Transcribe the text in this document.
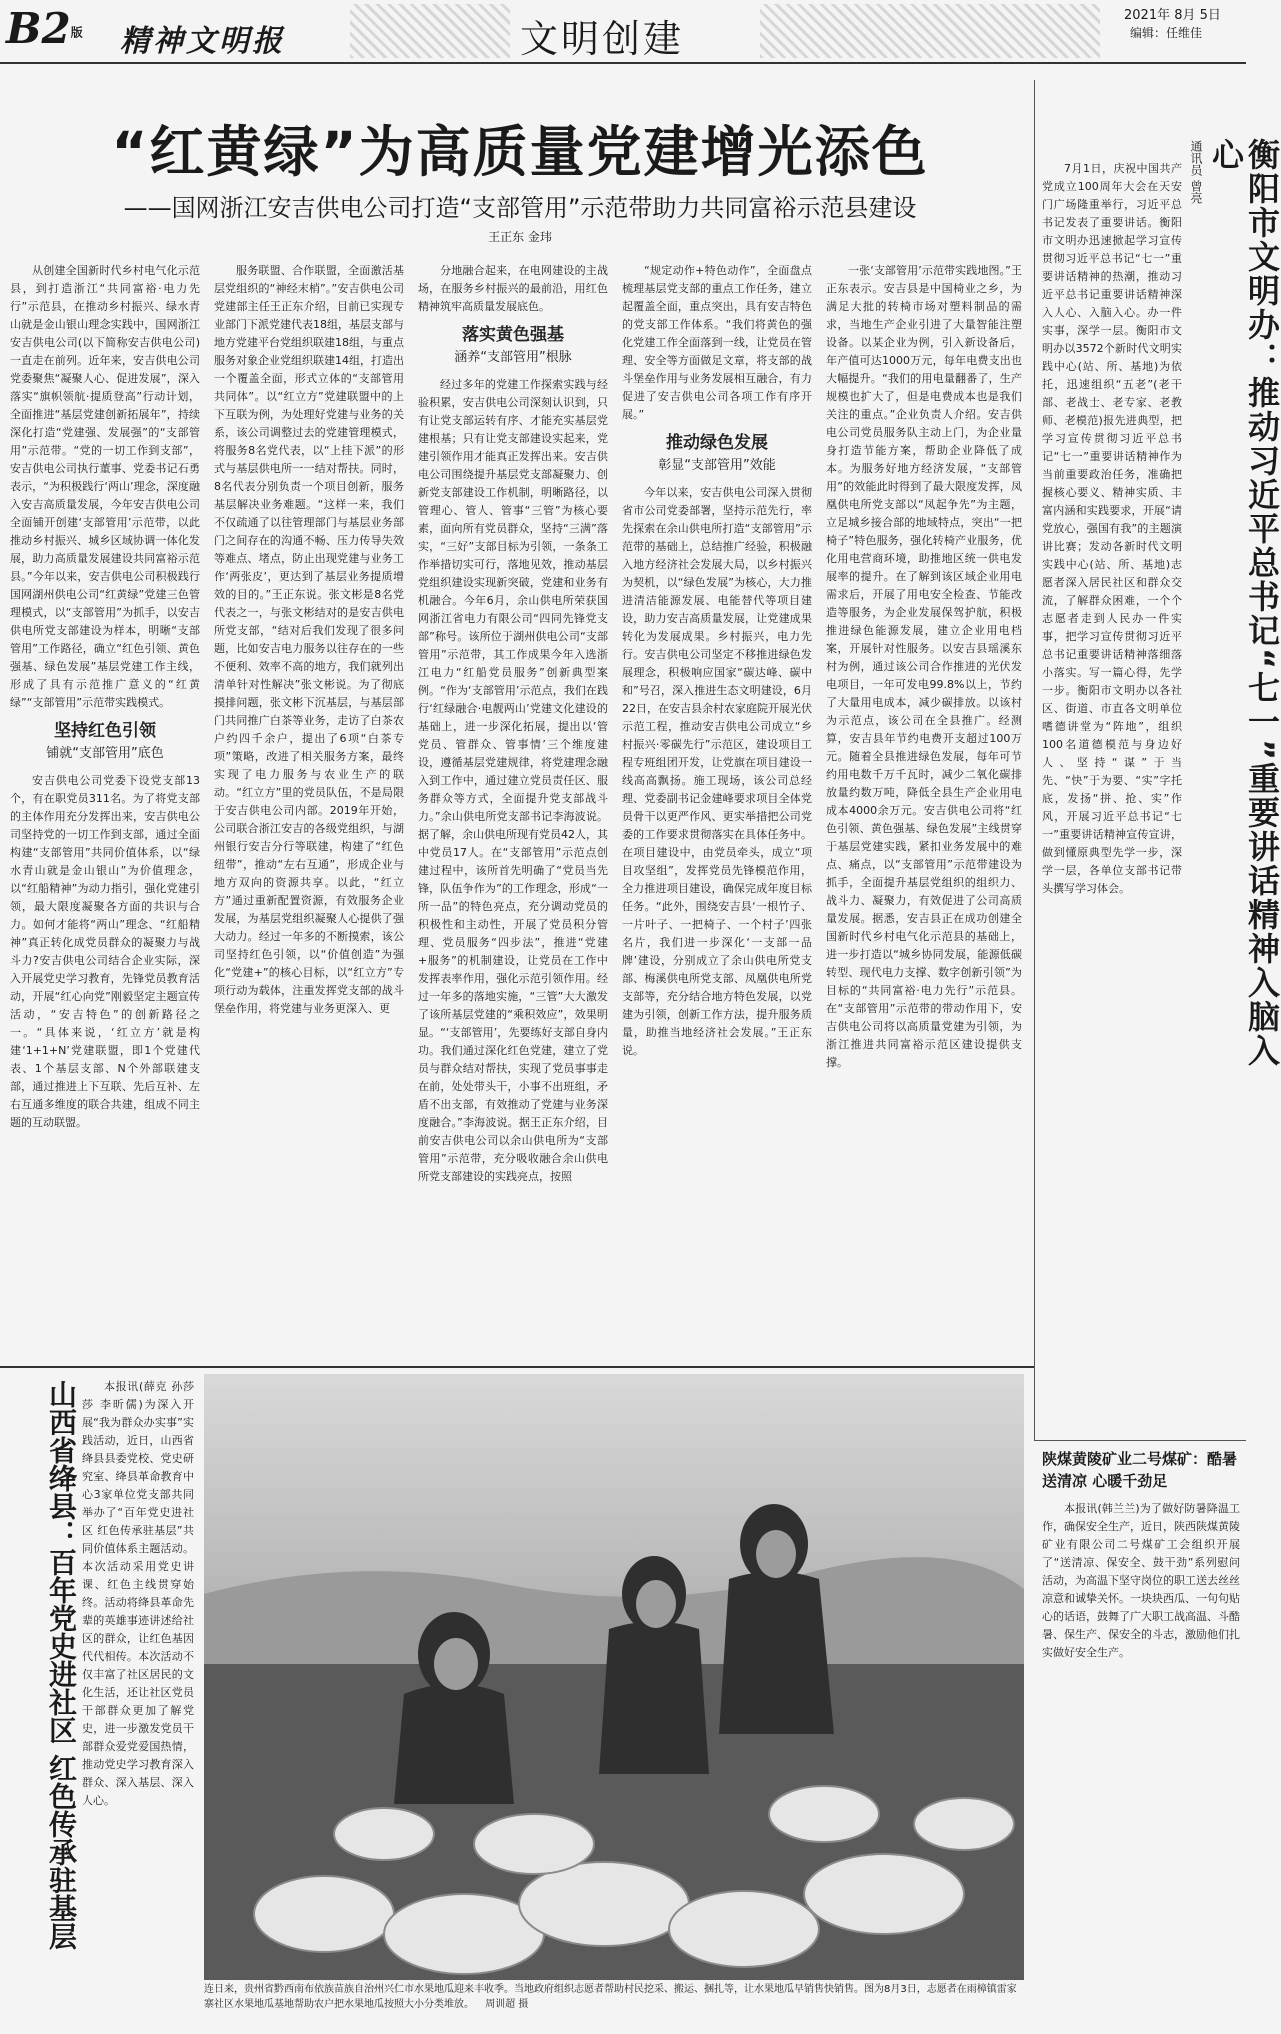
B2版 精神文明报	文明创建
2021年 8月 5日
编辑：任维佳
“红黄绿”为高质量党建增光添色
——国网浙江安吉供电公司打造“支部管用”示范带助力共同富裕示范县建设
王正东 金玮

从创建全国新时代乡村电气化示范县，到打造浙江“共同富裕·电力先行”示范县，在推动乡村振兴、绿水青山就是金山银山理念实践中，国网浙江安吉供电公司(以下简称安吉供电公司)一直走在前列。近年来，安吉供电公司党委聚焦“凝聚人心、促进发展”，深入落实“旗帜领航·提质登高”行动计划，全面推进“基层党建创新拓展年”，持续深化打造“党建强、发展强”的“支部管用”示范带。“党的一切工作到支部”，安吉供电公司执行董事、党委书记石勇表示，“为积极践行‘两山’理念，深度融入安吉高质量发展，今年安吉供电公司全面铺开创建‘支部管用’示范带，以此推动乡村振兴、城乡区域协调一体化发展，助力高质量发展建设共同富裕示范县。”今年以来，安吉供电公司积极践行国网湖州供电公司“红黄绿”党建三色管理模式，以“支部管用”为抓手，以安吉供电所党支部建设为样本，明晰“支部管用”工作路径，确立“红色引领、黄色强基、绿色发展”基层党建工作主线，形成了具有示范推广意义的“红黄绿”“支部管用”示范带实践模式。

坚持红色引领
铺就“支部管用”底色

安吉供电公司党委下设党支部13个，有在职党员311名。为了将党支部的主体作用充分发挥出来，安吉供电公司坚持党的一切工作到支部，通过全面构建“支部管用”共同价值体系，以“绿水青山就是金山银山”为价值理念，以“红船精神”为动力指引，强化党建引领，最大限度凝聚各方面的共识与合力。如何才能将“两山”理念、“红船精神”真正转化成党员群众的凝聚力与战斗力?安吉供电公司结合企业实际，深入开展党史学习教育，先锋党员教育活动，开展“红心向党”刚毅坚定主题宣传活动，“安吉特色”的创新路径之一。“具体来说，‘红立方’就是构建‘1+1+N’党建联盟，即1个党建代表、1个基层支部、N个外部联建支部，通过推进上下互联、先后互补、左右互通多维度的联合共建，组成不同主题的互动联盟。

服务联盟、合作联盟，全面激活基层党组织的“神经末梢”。”安吉供电公司党建部主任王正东介绍，目前已实现专业部门下派党建代表18组，基层支部与地方党建平台党组织联建18组，与重点服务对象企业党组织联建14组，打造出一个覆盖全面，形式立体的“支部管用共同体”。以“红立方”党建联盟中的上下互联为例，为处理好党建与业务的关系，该公司调整过去的党建管理模式，将服务8名党代表，以“上挂下派”的形式与基层供电所一一结对帮扶。同时，8名代表分别负责一个项目创新，服务基层解决业务难题。“这样一来，我们不仅疏通了以往管理部门与基层业务部门之间存在的沟通不畅、压力传导失效等难点、堵点，防止出现党建与业务工作‘两张皮’，更达到了基层业务提质增效的目的。”王正东说。张文彬是8名党代表之一，与张文彬结对的是安吉供电所党支部，“结对后我们发现了很多问题，比如安吉电力服务以往存在的一些不便利、效率不高的地方，我们就列出清单针对性解决”张文彬说。为了彻底摸排问题，张文彬下沉基层，与基层部门共同推广白茶等业务，走访了白茶农户约四千余户，提出了6项“白茶专项”策略，改进了相关服务方案，最终实现了电力服务与农业生产的联动。“红立方”里的党员队伍，不是局限于安吉供电公司内部。2019年开始，公司联合浙江安吉的各级党组织，与湖州银行安吉分行等联建，构建了“红色纽带”，推动“左右互通”，形成企业与地方双向的资源共享。以此，“红立方”通过重新配置资源，有效服务企业发展，为基层党组织凝聚人心提供了强大动力。经过一年多的不断摸索，该公司坚持红色引领，以“价值创造”为强化“党建+”的核心目标，以“红立方”专项行动为载体，注重发挥党支部的战斗堡垒作用，将党建与业务更深入、更

分地融合起来，在电网建设的主战场，在服务乡村振兴的最前沿，用红色精神筑牢高质量发展底色。

落实黄色强基
涵养“支部管用”根脉

经过多年的党建工作探索实践与经验积累，安吉供电公司深刻认识到，只有让党支部运转有序、才能充实基层党建根基；只有让党支部建设实起来，党建引领作用才能真正发挥出来。安吉供电公司围绕提升基层党支部凝聚力、创新党支部建设工作机制，明晰路径，以管理心、管人、管事“三管”为核心要素，面向所有党员群众，坚持“三满”落实，“三好”支部目标为引领，一条条工作举措切实可行，落地见效，推动基层党组织建设实现新突破，党建和业务有机融合。今年6月，余山供电所荣获国网浙江省电力有限公司“四同先锋党支部”称号。该所位于湖州供电公司“支部管用”示范带，其工作成果今年入选浙江电力“红船党员服务”创新典型案例。“作为‘支部管用’示范点，我们在践行‘红绿融合·电靓两山’党建文化建设的基础上，进一步深化拓展，提出以‘管党员、管群众、管事情’三个维度建设，遵循基层党建规律，将党建理念融入到工作中，通过建立党员责任区、服务群众等方式，全面提升党支部战斗力。”余山供电所党支部书记李海波说。据了解，余山供电所现有党员42人，其中党员17人。在“支部管用”示范点创建过程中，该所首先明确了“党员当先锋，队伍争作为”的工作理念，形成“一所一品”的特色亮点，充分调动党员的积极性和主动性，开展了党员积分管理、党员服务“四步法”，推进“党建+服务”的机制建设，让党员在工作中发挥表率作用，强化示范引领作用。经过一年多的落地实施，“三管”大大激发了该所基层党建的“乘积效应”，效果明显。“‘支部管用’，先要练好支部自身内功。我们通过深化红色党建，建立了党员与群众结对帮扶，实现了党员事事走在前，处处带头干，小事不出班组，矛盾不出支部，有效推动了党建与业务深度融合。”李海波说。据王正东介绍，目前安吉供电公司以余山供电所为“支部管用”示范带，充分吸收融合余山供电所党支部建设的实践亮点，按照

“规定动作+特色动作”，全面盘点梳理基层党支部的重点工作任务，建立起覆盖全面，重点突出，具有安吉特色的党支部工作体系。“我们将黄色的强化党建工作全面落到一线，让党员在管理、安全等方面做足文章，将支部的战斗堡垒作用与业务发展相互融合，有力促进了安吉供电公司各项工作有序开展。”

推动绿色发展
彰显“支部管用”效能

今年以来，安吉供电公司深入贯彻省市公司党委部署，坚持示范先行，率先探索在余山供电所打造“支部管用”示范带的基础上，总结推广经验，积极融入地方经济社会发展大局，以乡村振兴为契机，以“绿色发展”为核心，大力推进清洁能源发展、电能替代等项目建设，助力安吉高质量发展，让党建成果转化为发展成果。乡村振兴，电力先行。安吉供电公司坚定不移推进绿色发展理念，积极响应国家“碳达峰、碳中和”号召，深入推进生态文明建设，6月22日，在安吉县余村农家庭院开展光伏示范工程，推动安吉供电公司成立“乡村振兴·零碳先行”示范区，建设项目工程专班组团开发，让党旗在项目建设一线高高飘扬。施工现场，该公司总经理、党委副书记金建峰要求项目全体党员骨干以更严作风、更实举措把公司党委的工作要求贯彻落实在具体任务中。在项目建设中，由党员牵头，成立“项目攻坚组”，发挥党员先锋模范作用，全力推进项目建设，确保完成年度目标任务。“此外，围绕安吉县‘一根竹子、一片叶子、一把椅子、一个村子’四张名片，我们进一步深化‘一支部一品牌’建设，分别成立了余山供电所党支部、梅溪供电所党支部、凤凰供电所党支部等，充分结合地方特色发展，以党建为引领，创新工作方法，提升服务质量，助推当地经济社会发展。”王正东说。

一张‘支部管用’示范带实践地图。”王正东表示。安吉县是中国椅业之乡，为满足大批的转椅市场对塑料制品的需求，当地生产企业引进了大量智能注塑设备。以某企业为例，引入新设备后，年产值可达1000万元，每年电费支出也大幅提升。“我们的用电量翻番了，生产规模也扩大了，但是电费成本也是我们关注的重点。”企业负责人介绍。安吉供电公司党员服务队主动上门，为企业量身打造节能方案，帮助企业降低了成本。为服务好地方经济发展，“支部管用”的效能此时得到了最大限度发挥，凤凰供电所党支部以“凤起争先”为主题，立足城乡接合部的地域特点，突出“一把椅子”特色服务，强化转椅产业服务，优化用电营商环境，助推地区统一供电发展率的提升。在了解到该区域企业用电需求后，开展了用电安全检查、节能改造等服务，为企业发展保驾护航，积极推进绿色能源发展，建立企业用电档案，开展针对性服务。以安吉县瑶溪东村为例，通过该公司合作推进的光伏发电项目，一年可发电99.8%以上，节约了大量用电成本，减少碳排放。以该村为示范点，该公司在全县推广。经测算，安吉县年节约电费开支超过100万元。随着全县推进绿色发展，每年可节约用电数千万千瓦时，减少二氧化碳排放量约数万吨，降低全县生产企业用电成本4000余万元。安吉供电公司将“红色引领、黄色强基、绿色发展”主线贯穿于基层党建实践，紧扣业务发展中的难点、痛点，以“支部管用”示范带建设为抓手，全面提升基层党组织的组织力、战斗力、凝聚力，有效促进了公司高质量发展。据悉，安吉县正在成功创建全国新时代乡村电气化示范县的基础上，进一步打造以“城乡协同发展，能源低碳转型、现代电力支撑、数字创新引领”为目标的“共同富裕·电力先行”示范县。在“支部管用”示范带的带动作用下，安吉供电公司将以高质量党建为引领，为浙江推进共同富裕示范区建设提供支撑。	衡阳市文明办：推动习近平总书记“七一”重要讲话精神入脑入心
通讯员 曾亮

7月1日，庆祝中国共产党成立100周年大会在天安门广场隆重举行，习近平总书记发表了重要讲话。衡阳市文明办迅速掀起学习宣传贯彻习近平总书记“七一”重要讲话精神的热潮，推动习近平总书记重要讲话精神深入人心、入脑入心。办一件实事，深学一层。衡阳市文明办以3572个新时代文明实践中心(站、所、基地)为依托，迅速组织“五老”(老干部、老战士、老专家、老教师、老模范)报先进典型，把学习宣传贯彻习近平总书记“七一”重要讲话精神作为当前重要政治任务，准确把握核心要义、精神实质、丰富内涵和实践要求，开展“请党放心，强国有我”的主题演讲比赛；发动各新时代文明实践中心(站、所、基地)志愿者深入居民社区和群众交流，了解群众困难，一个个志愿者走到人民办一件实事，把学习宣传贯彻习近平总书记重要讲话精神落细落小落实。写一篇心得，先学一步。衡阳市文明办以各社区、街道、市直各文明单位嗜德讲堂为“阵地”，组织100名道德模范与身边好人、坚持“谋”于当先、“快”于为要、“实”字托底，发扬“拼、抢、实”作风，开展习近平总书记“七一”重要讲话精神宣传宣讲，做到懂原典型先学一步，深学一层，各单位支部书记带头撰写学习体会。

山西省绛县：百年党史进社区 红色传承驻基层	本报讯(薛克 孙莎莎 李昕儒)为深入开展“我为群众办实事”实践活动，近日，山西省绛县县委党校、党史研究室、绛县革命教育中心3家单位党支部共同举办了“百年党史进社区 红色传承驻基层”共同价值体系主题活动。本次活动采用党史讲课、红色主线贯穿始终。活动将绛县革命先辈的英雄事迹讲述给社区的群众，让红色基因代代相传。本次活动不仅丰富了社区居民的文化生活，还让社区党员干部群众更加了解党史，进一步激发党员干部群众爱党爱国热情，推动党史学习教育深入群众、深入基层、深入人心。

连日来，贵州省黔西南布依族苗族自治州兴仁市水果地瓜迎来丰收季。当地政府组织志愿者帮助村民挖采、搬运、捆扎等，让水果地瓜早销售快销售。图为8月3日，志愿者在雨樟镇雷家寨社区水果地瓜基地帮助农户把水果地瓜按照大小分类堆放。 周训超 摄
陕煤黄陵矿业二号煤矿：酷暑送清凉 心暖千劲足

本报讯(韩兰兰)为了做好防暑降温工作，确保安全生产，近日，陕西陕煤黄陵矿业有限公司二号煤矿工会组织开展了“送清凉、保安全、鼓干劲”系列慰问活动，为高温下坚守岗位的职工送去丝丝凉意和诚挚关怀。一块块西瓜、一句句贴心的话语，鼓舞了广大职工战高温、斗酷暑、保生产、保安全的斗志，激励他们扎实做好安全生产。
